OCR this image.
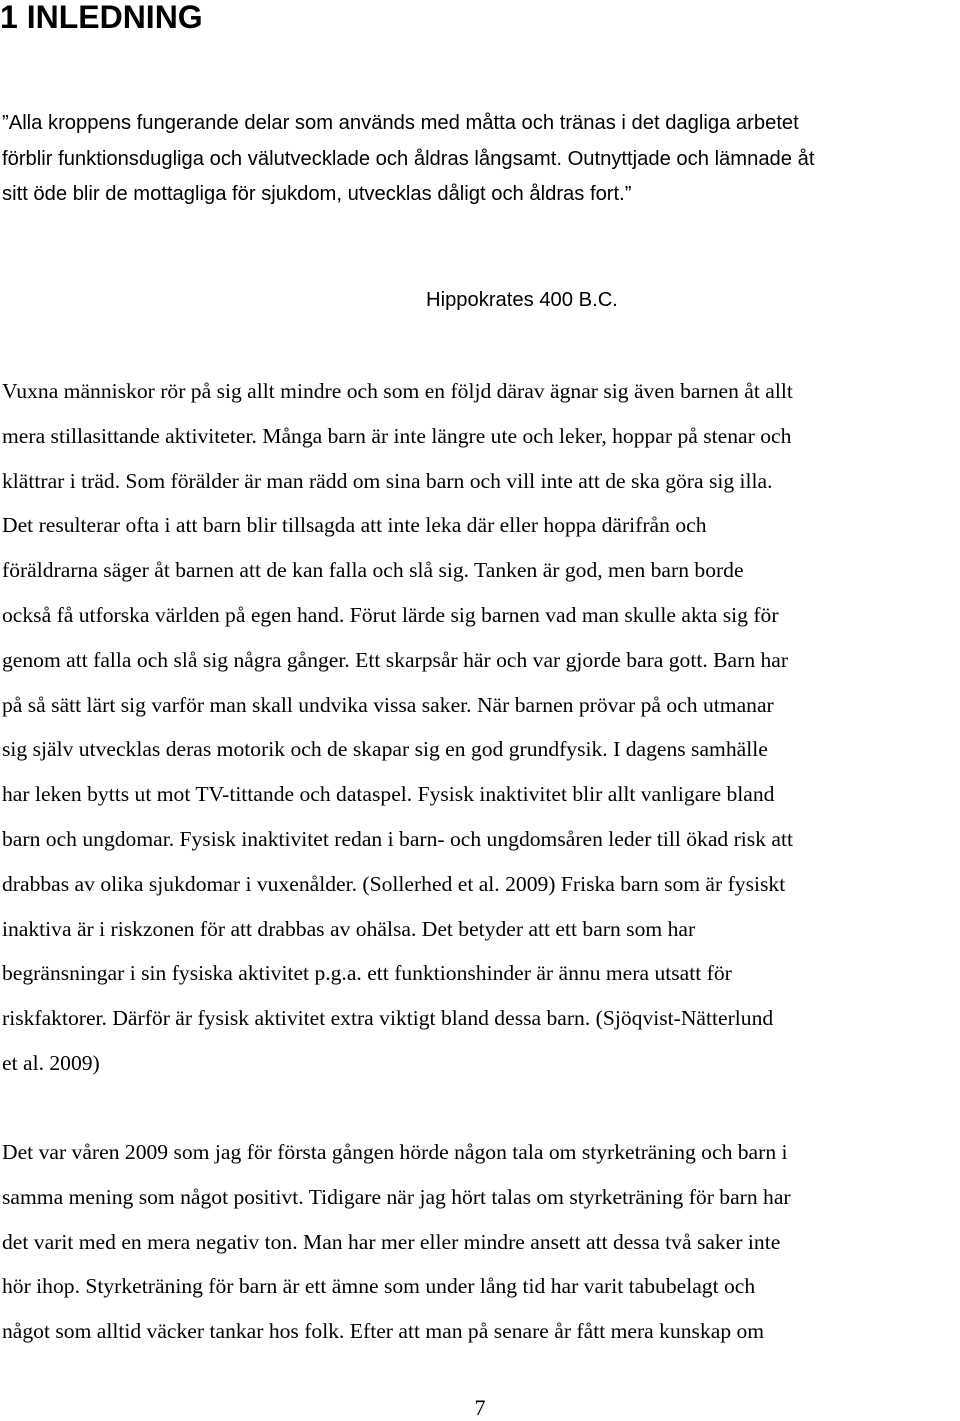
1 INLEDNING
”Alla kroppens fungerande delar som används med måtta och tränas i det dagliga arbetet
förblir funktionsdugliga och välutvecklade och åldras långsamt. Outnyttjade och lämnade åt
sitt öde blir de mottagliga för sjukdom, utvecklas dåligt och åldras fort.”
Hippokrates 400 B.C.
Vuxna människor rör på sig allt mindre och som en följd därav ägnar sig även barnen åt allt
mera stillasittande aktiviteter. Många barn är inte längre ute och leker, hoppar på stenar och
klättrar i träd. Som förälder är man rädd om sina barn och vill inte att de ska göra sig illa.
Det resulterar ofta i att barn blir tillsagda att inte leka där eller hoppa därifrån och
föräldrarna säger åt barnen att de kan falla och slå sig. Tanken är god, men barn borde
också få utforska världen på egen hand. Förut lärde sig barnen vad man skulle akta sig för
genom att falla och slå sig några gånger. Ett skarpsår här och var gjorde bara gott. Barn har
på så sätt lärt sig varför man skall undvika vissa saker. När barnen prövar på och utmanar
sig själv utvecklas deras motorik och de skapar sig en god grundfysik. I dagens samhälle
har leken bytts ut mot TV-tittande och dataspel. Fysisk inaktivitet blir allt vanligare bland
barn och ungdomar. Fysisk inaktivitet redan i barn- och ungdomsåren leder till ökad risk att
drabbas av olika sjukdomar i vuxenålder. (Sollerhed et al. 2009) Friska barn som är fysiskt
inaktiva är i riskzonen för att drabbas av ohälsa. Det betyder att ett barn som har
begränsningar i sin fysiska aktivitet p.g.a. ett funktionshinder är ännu mera utsatt för
riskfaktorer. Därför är fysisk aktivitet extra viktigt bland dessa barn. (Sjöqvist-Nätterlund
et al. 2009)
Det var våren 2009 som jag för första gången hörde någon tala om styrketräning och barn i
samma mening som något positivt. Tidigare när jag hört talas om styrketräning för barn har
det varit med en mera negativ ton. Man har mer eller mindre ansett att dessa två saker inte
hör ihop. Styrketräning för barn är ett ämne som under lång tid har varit tabubelagt och
något som alltid väcker tankar hos folk. Efter att man på senare år fått mera kunskap om
7
